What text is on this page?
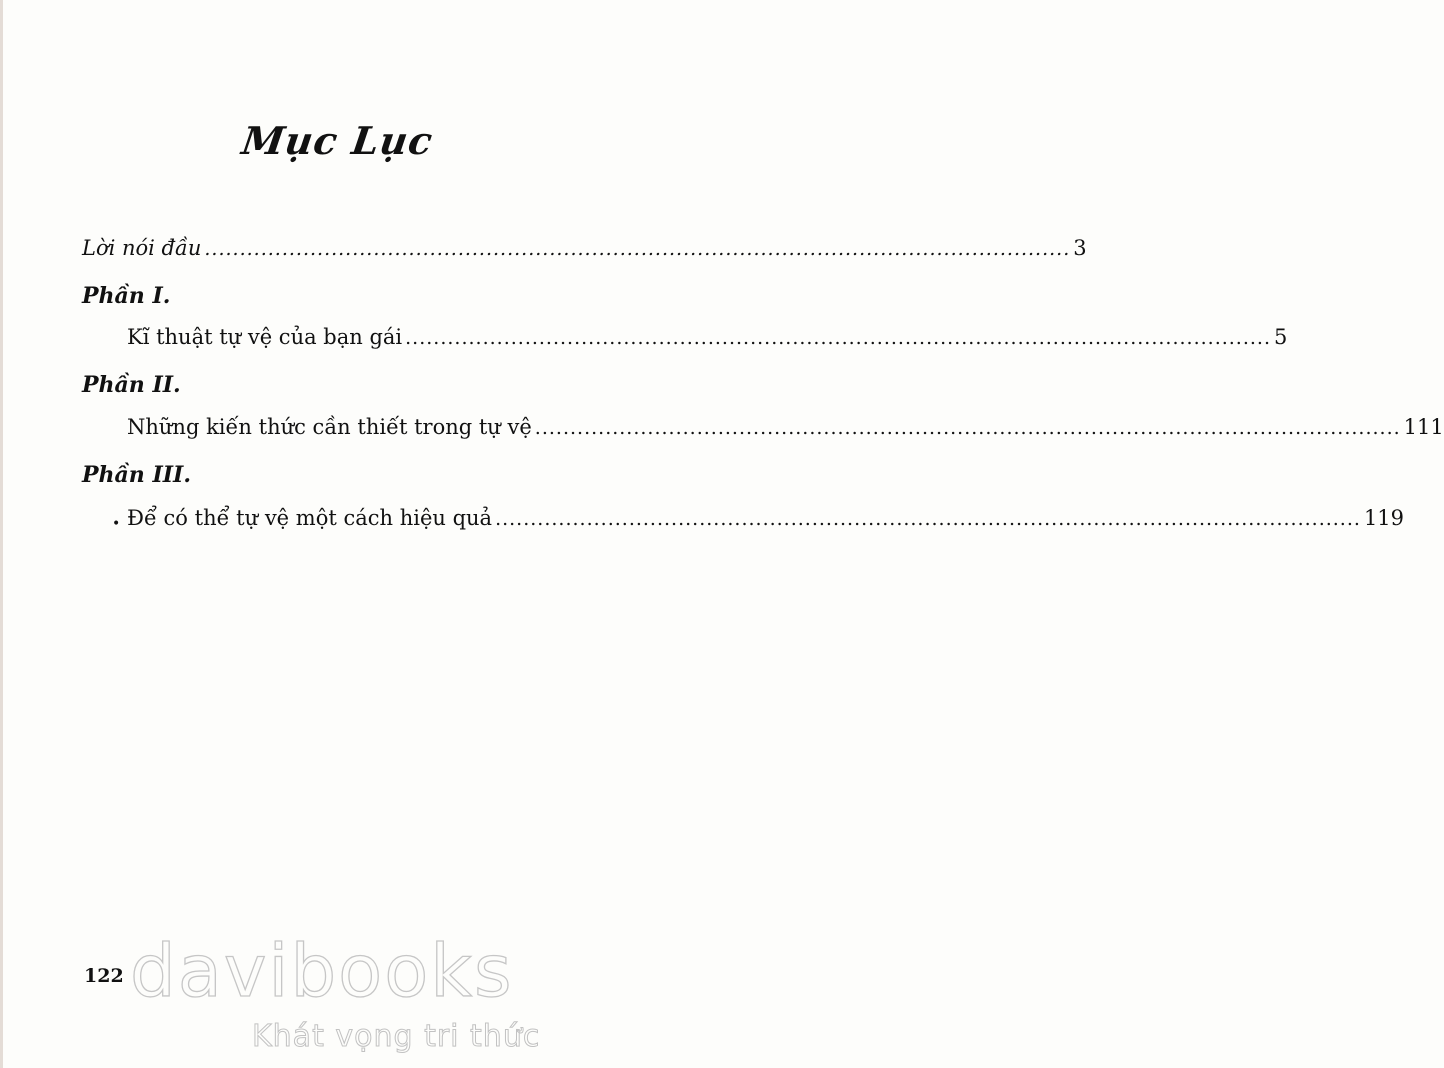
Mục Lục
Lời nói đầu ........................................................................................................................... 3
Phần I.
Kĩ thuật tự vệ của bạn gái ........................................................................................................................... 5
Phần II.
Những kiến thức cần thiết trong tự vệ ........................................................................................................................... 111
Phần III.
• Để có thể tự vệ một cách hiệu quả ........................................................................................................................... 119
122 davibooks
Khát vọng tri thức
